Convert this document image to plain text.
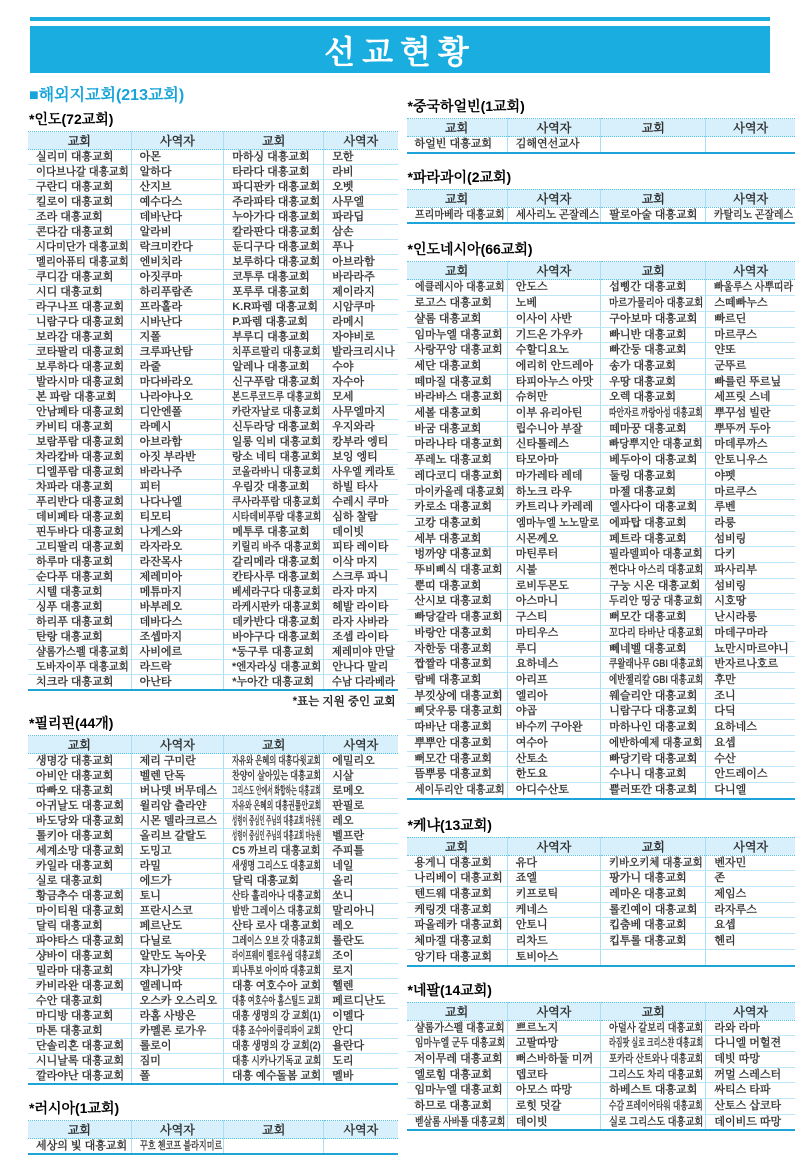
선교현황
■해외지교회(213교회)
*인도(72교회)
교회	사역자	교회	사역자
실리미 대흥교회	아몬	마하싱 대흥교회	모한
이다브나갈 대흥교회	알하다	타라다 대흥교회	라비
구란디 대흥교회	산지브	파디판카 대흥교회	오벳
킬로이 대흥교회	예수다스	주라파타 대흥교회	사무엘
조라 대흥교회	데바난다	누아가다 대흥교회	파라딥
콘다감 대흥교회	알라비	칼라판다 대흥교회	삼손
시다미단가 대흥교회	락크미칸다	둔디구다 대흥교회	푸나
멜리아퓨티 대흥교회	엔비치라	보루하다 대흥교회	아브라함
쿠디감 대흥교회	아짓쿠마	코투루 대흥교회	바라라주
시디 대흥교회	하리푸람존	포루루 대흥교회	제이라지
라구나프 대흥교회	프라홀라	K.R파렘 대흥교회	시암쿠마
니람구다 대흥교회	시바난다	P.파렘 대흥교회	라메시
보라감 대흥교회	지폴	부루디 대흥교회	자야비로
코타팔리 대흥교회	크루파난탐	치푸르팔리 대흥교회	발라크리시나
보루하다 대흥교회	라줄	알레나 대흥교회	수야
발라시마 대흥교회	마다바라오	신구푸람 대흥교회	자수아
본 파람 대흥교회	나라야나오	본드루코드루 대흥교회	모세
안남페타 대흥교회	디안엔폴	카란자날로 대흥교회	사무엘마지
카비티 대흥교회	라메시	신두라당 대흥교회	우지와라
보람푸람 대흥교회	아브라함	일롱 익비 대흥교회	캉부라 엥티
차라캄바 대흥교회	아짓 부라반	랑소 네티 대흥교회	보잉 엥티
디엘푸람 대흥교회	바라나주	코올라바니 대흥교회	사우엘 케라토
차파라 대흥교회	피터	우림갓 대흥교회	하빌 타사
푸리반다 대흥교회	나다나엘	쿠사라푸람 대흥교회	수레시 쿠마
데비페타 대흥교회	티모티	시타데비푸람 대흥교회	심하 찰람
핀두바다 대흥교회	나게스와	메투루 대흥교회	데이빗
고티팔리 대흥교회	라자라오	키릴리 바주 대흥교회	피타 레이타
하루마 대흥교회	라잔목사	갈리메라 대흥교회	이삭 마지
순다푸 대흥교회	제레미아	칸타사루 대흥교회	스크루 파니
시텔 대흥교회	메튜마지	베세라구다 대흥교회	라자 마지
싱푸 대흥교회	바부레오	라케시판카 대흥교회	헤발 라이타
하리푸 대흥교회	데바다스	데카반다 대흥교회	라자 사바라
탄랑 대흥교회	조셉마지	바야구다 대흥교회	조셉 라이타
샬롬가스펠 대흥교회	사비에르	*둥구루 대흥교회	제레미야 만달
도바자이푸 대흥교회	라드락	*엔자라싱 대흥교회	안나다 말리
치크라 대흥교회	아난타	*누아간 대흥교회	수남 다라베라
*표는 지원 중인 교회
*필리핀(44개)
교회	사역자	교회	사역자
생명강 대흥교회	제리 구미란	자유와 은혜의 대흥다윗교회	에밀리오
아비안 대흥교회	벨렌 단독	찬양이 살아있는 대흥교회	시살
따빠오 대흥교회	버나뎃 버무데스	그리스도 안에서 화합하는 대흥교회	로메오
아귀날도 대흥교회	윌리암 츌라얀	자유와 은혜의 대흥권틀안교회	판필로
바도당와 대흥교회	시몬 델라크르스	성령이 중심인 주님의 대흥교회 마웅원	레오
톨키아 대흥교회	올리브 갈랄도	성령이 중심인 주님의 대흥교회 마눙원	벨프란
세계소망 대흥교회	도밍고	C5 까브리 대흥교회	주피틀
카일라 대흥교회	라밀	새생명 그리스도 대흥교회	네일
실로 대흥교회	에드가	달릭 대흥교회	올리
황금추수 대흥교회	토니	산타 훌리아나 대흥교회	쏘니
마이티원 대흥교회	프란시스코	밤반 그레이스 대흥교회	말리아니
달릭 대흥교회	페르난도	산타 로사 대흥교회	레오
파야타스 대흥교회	다닐로	그레이스 오브 갓 대흥교회	롤란도
샹바이 대흥교회	알만도 녹아웃	라이프웨이 펠로우쉽 대흥교회	조이
밀라마 대흥교회	쟈니가얏	피나투보 아이따 대흥교회	로지
카비라완 대흥교회	엘레니따	대흥 여호수아 교회	헬렌
수안 대흥교회	오스카 오스리오	대흥 여호수아 홈스틸드 교회	페르디난도
마디방 대흥교회	라홈 사방은	대흥 생명의 강 교회(1)	이멜다
마톤 대흥교회	카멜론 로가우	대흥 죠수아이클리파이 교회	안디
단솔리혼 대흥교회	롤로이	대흥 생명의 강 교회(2)	욜란다
시니날록 대흥교회	짐미	대흥 시카나기독교 교회	도리
깔라야난 대흥교회	폴	대흥 예수돌봄 교회	멜바
*러시아(1교회)
교회	사역자	교회	사역자
세상의 빛 대흥교회	꾸흐 첸코프 블라지미르		
*중국하얼빈(1교회)
교회	사역자	교회	사역자
하얼빈 대흥교회	김해연선교사		
*파라과이(2교회)
교회	사역자	교회	사역자
프리마베라 대흥교회	세사리노 곤잘레스	팔로아술 대흥교회	카탈리노 곤잘레스
*인도네시아(66교회)
교회	사역자	교회	사역자
에클레시아 대흥교회	안도스	섭삥간 대흥교회	빠울루스 사뿌띠라
로고스 대흥교회	노베	마르가물리아 대흥교회	스떼빠누스
샬롬 대흥교회	이사이 사반	구아보마 대흥교회	빠르딘
임마누엘 대흥교회	기드온 가우카	빠니반 대흥교회	마르쿠스
사랑꾸앙 대흥교회	수할디요노	빠간둥 대흥교회	얀또
세단 대흥교회	에리히 안드레아	송가 대흥교회	군뚜르
떼마질 대흥교회	타피아누스 아맛	우땅 대흥교회	빠를린 뚜르닢
바라바스 대흥교회	슈허만	오렉 대흥교회	세프릿 스네
세볼 대흥교회	이부 유리아틴	따안자르 까랑아섬 대흥교회	뿌꾸섬 빌란
바굼 대흥교회	립수니아 부잘	떼마꿍 대흥교회	뿌뚜꺼 두아
마라나타 대흥교회	신타톨레스	빠당뿌지안 대흥교회	마데루까스
푸레노 대흥교회	타모아마	베두아이 대흥교회	안토니우스
레다코디 대흥교회	마가레타 레데	둘링 대흥교회	야펫
마이카올레 대흥교회	하노크 라우	마젤 대흥교회	마르쿠스
카로소 대흥교회	카트리나 카레레	엘사다이 대흥교회	루벤
고캉 대흥교회	엠마누엘 노노말로	에파탑 대흥교회	라룽
세부 대흥교회	시몬께오	페트라 대흥교회	섬비링
벙까양 대흥교회	마틴루터	필라델피아 대흥교회	다키
뚜비삐식 대흥교회	시불	쩐다나 아스리 대흥교회	파사리부
뿐띠 대흥교회	로비두몬도	구눙 시온 대흥교회	섬비링
산시보 대흥교회	아스마니	두리안 띵궁 대흥교회	시호땅
빠당갈라 대흥교회	구스티	뻐모간 대흥교회	난시라룽
바랑안 대흥교회	마티우스	꼬다리 타바난 대흥교회	마데구마라
자한둥 대흥교회	루디	뻬네벨 대흥교회	뇨만시마르야니
짭짤라 대흥교회	요하네스	쿠왈래나무 GBI 대흥교회	반자르나호르
람베 대흥교회	아리프	에반젤리칼 GBI 대흥교회	후만
부낏상에 대흥교회	엘리아	웨슬리안 대흥교회	조니
삐닷우룽 대흥교회	야곱	니람구다 대흥교회	다딕
따바난 대흥교회	바수끼 구아완	마하나인 대흥교회	요하네스
뿌뿌안 대흥교회	여수아	에반하예제 대흥교회	요셉
뻐모간 대흥교회	산토소	빠당기락 대흥교회	수산
뜸뿌룽 대흥교회	한도요	수나니 대흥교회	안드레이스
세이두리안 대흥교회	아디수산토	쁠러또깐 대흥교회	다니엘
*케냐(13교회)
교회	사역자	교회	사역자
용게니 대흥교회	유다	키바오키체 대흥교회	벤자민
나리베이 대흥교회	죠엘	팡가니 대흥교회	존
텐드웨 대흥교회	키프로틱	레마온 대흥교회	제임스
케링겟 대흥교회	케네스	롤킨예이 대흥교회	라자루스
파올레카 대흥교회	안토니	킵춤베 대흥교회	요셉
체마겔 대흥교회	리차드	킵투롤 대흥교회	헨리
앙기타 대흥교회	토비아스		
*네팔(14교회)
교회	사역자	교회	사역자
샬롬가스펠 대흥교회	쁘르노지	아덜사 갈보리 대흥교회	라와 라마
임마누엘 군두 대흥교회	고팔따망	라짐팟 실로 크리스챤 대흥교회	다니엘 머헐젼
저이무레 대흥교회	뻐스바하둘 미꺼	포카라 산트와나 대흥교회	데빗 따망
엘로힘 대흥교회	뎁코타	그리스도 차리 대흥교회	꺼멀 스레스터
임마누엘 대흥교회	아모스 따망	하베스트 대흥교회	싸티스 타파
하므로 대흥교회	로힛 덧갈	수감 프레이어타워 대흥교회	산토스 삽코타
벧살롬 사바톨 대흥교회	데이빗	실로 그리스도 대흥교회	데이비드 따망
